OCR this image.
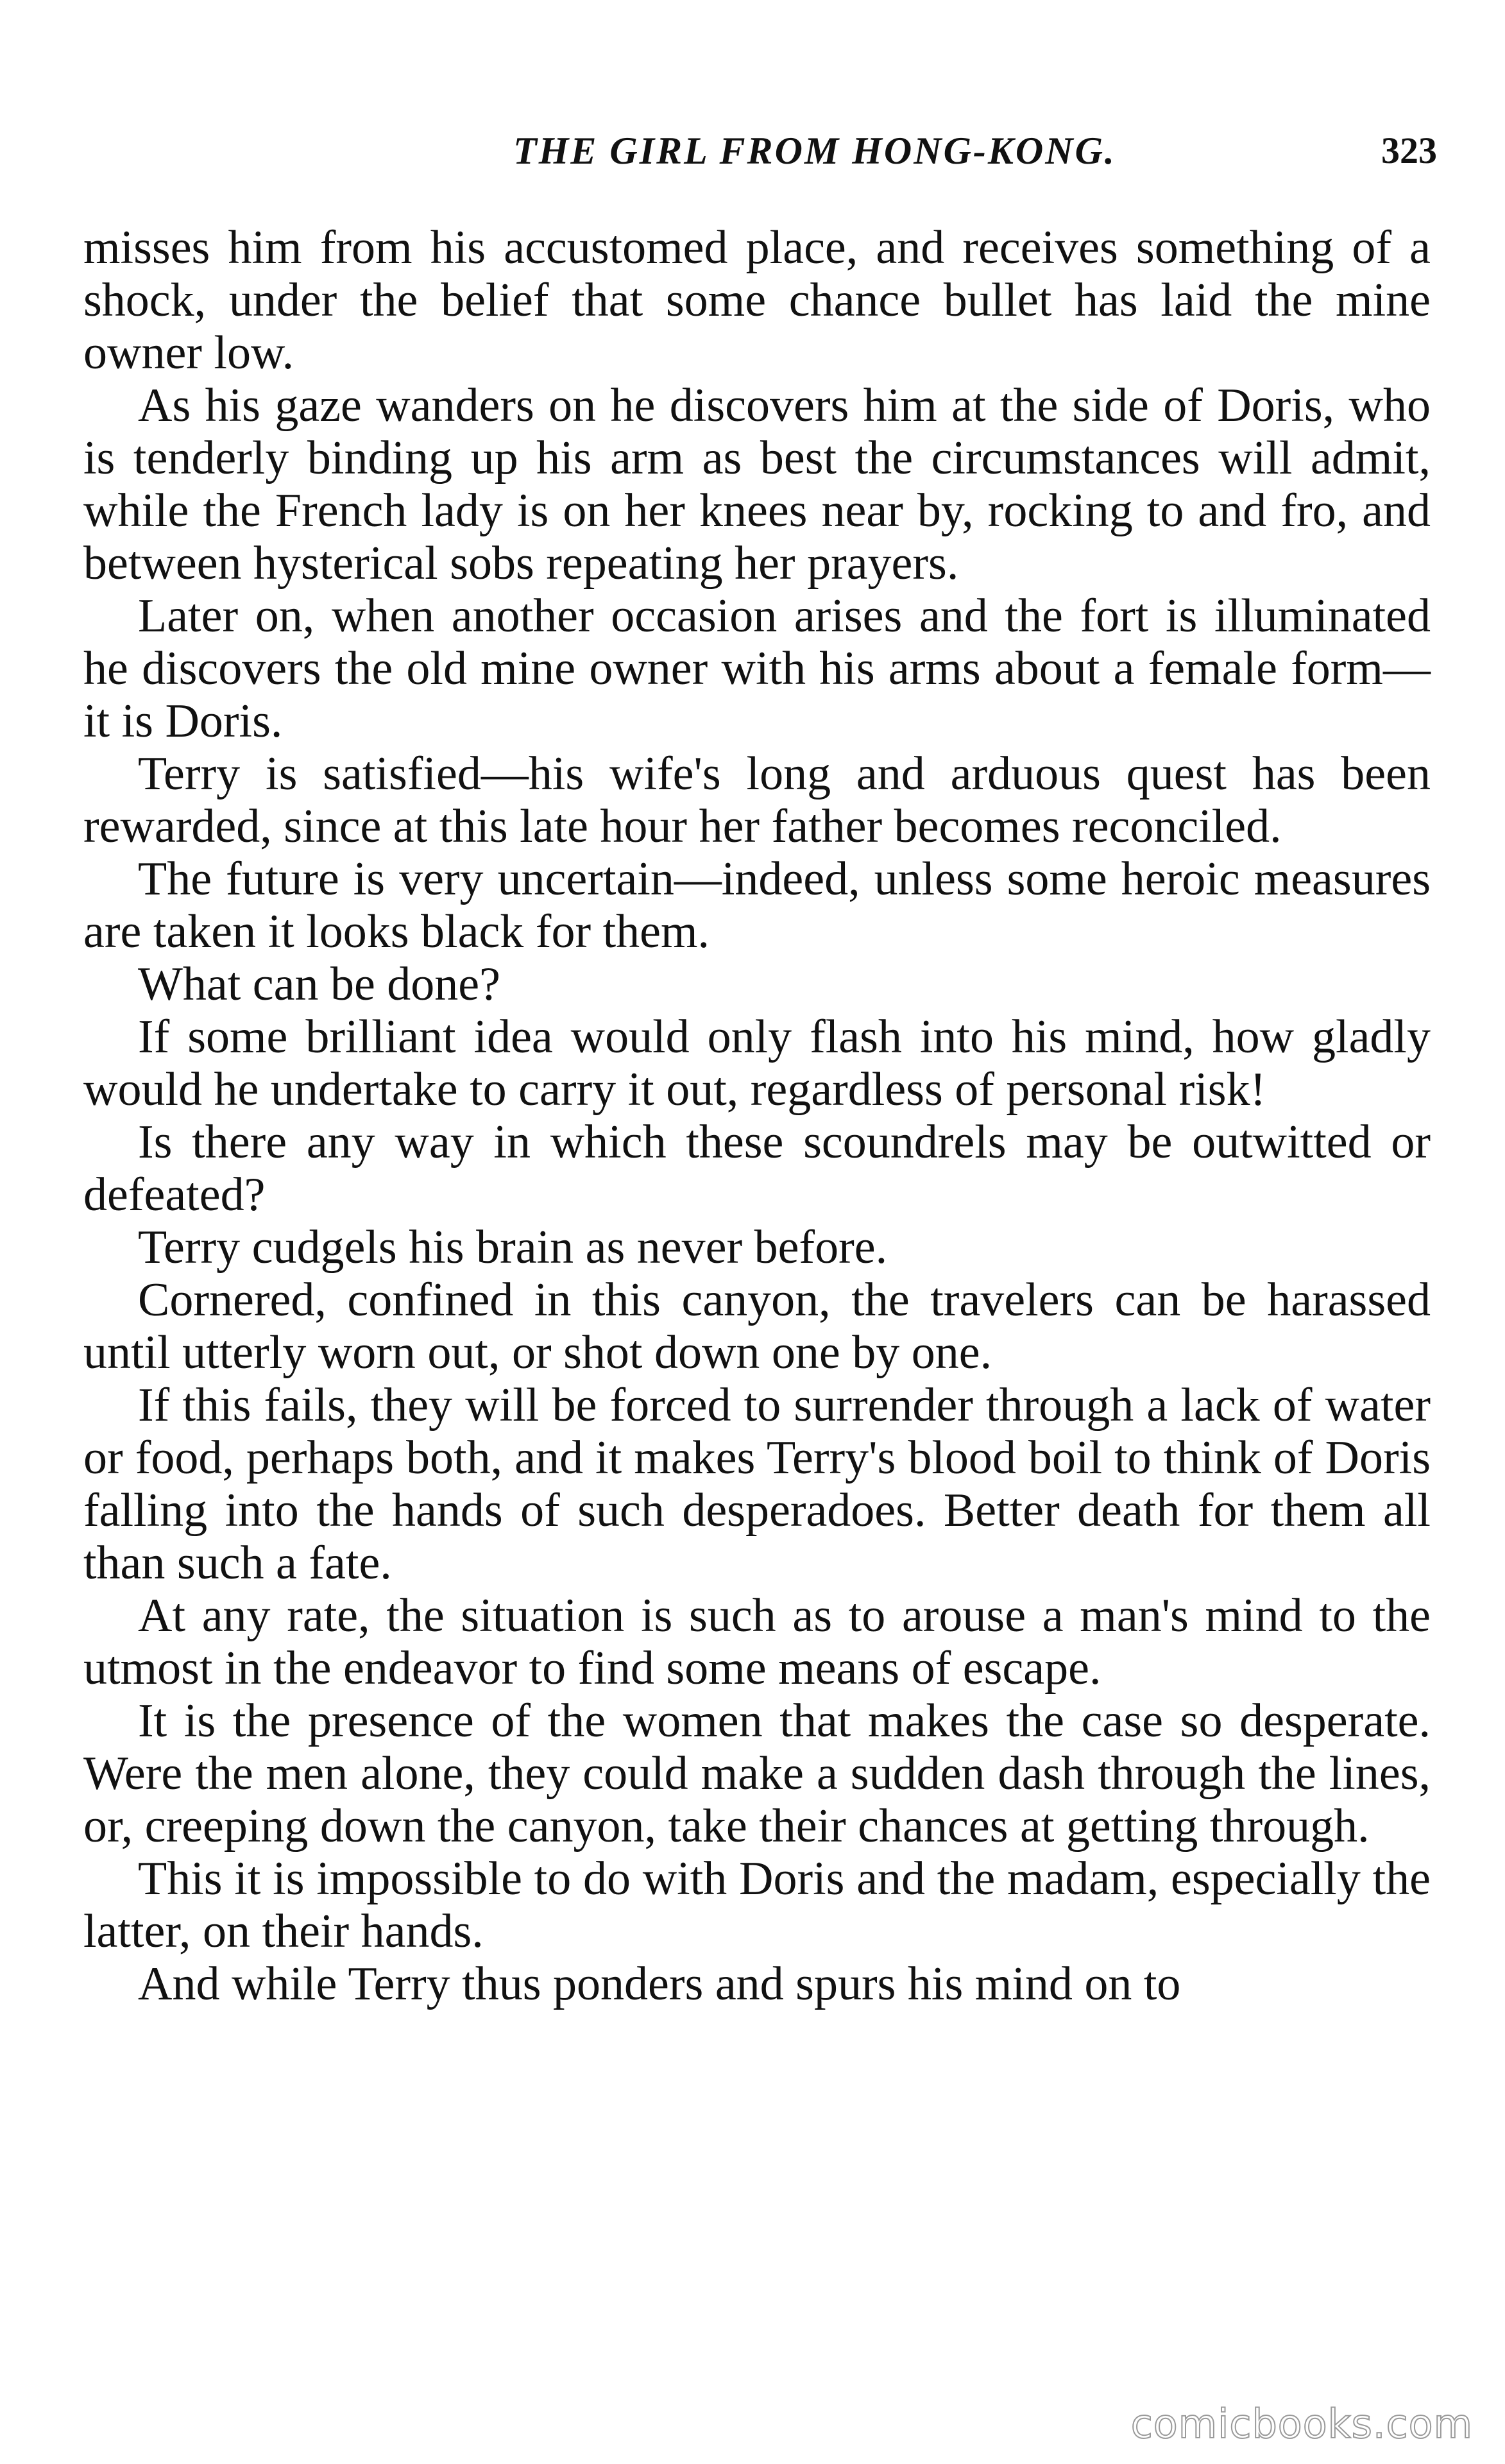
THE GIRL FROM HONG-KONG.	323

misses him from his accustomed place, and receives something of a shock, under the belief that some chance bullet has laid the mine owner low.

As his gaze wanders on he discovers him at the side of Doris, who is tenderly binding up his arm as best the circumstances will admit, while the French lady is on her knees near by, rocking to and fro, and between hysterical sobs repeating her prayers.

Later on, when another occasion arises and the fort is illuminated he discovers the old mine owner with his arms about a female form—it is Doris.

Terry is satisfied—his wife's long and arduous quest has been rewarded, since at this late hour her father becomes reconciled.

The future is very uncertain—indeed, unless some heroic measures are taken it looks black for them.

What can be done?

If some brilliant idea would only flash into his mind, how gladly would he undertake to carry it out, regardless of personal risk!

Is there any way in which these scoundrels may be outwitted or defeated?

Terry cudgels his brain as never before.

Cornered, confined in this canyon, the travelers can be harassed until utterly worn out, or shot down one by one.

If this fails, they will be forced to surrender through a lack of water or food, perhaps both, and it makes Terry's blood boil to think of Doris falling into the hands of such desperadoes. Better death for them all than such a fate.

At any rate, the situation is such as to arouse a man's mind to the utmost in the endeavor to find some means of escape.

It is the presence of the women that makes the case so desperate. Were the men alone, they could make a sudden dash through the lines, or, creeping down the canyon, take their chances at getting through.

This it is impossible to do with Doris and the madam, especially the latter, on their hands.

And while Terry thus ponders and spurs his mind on to

comicbooks.com
